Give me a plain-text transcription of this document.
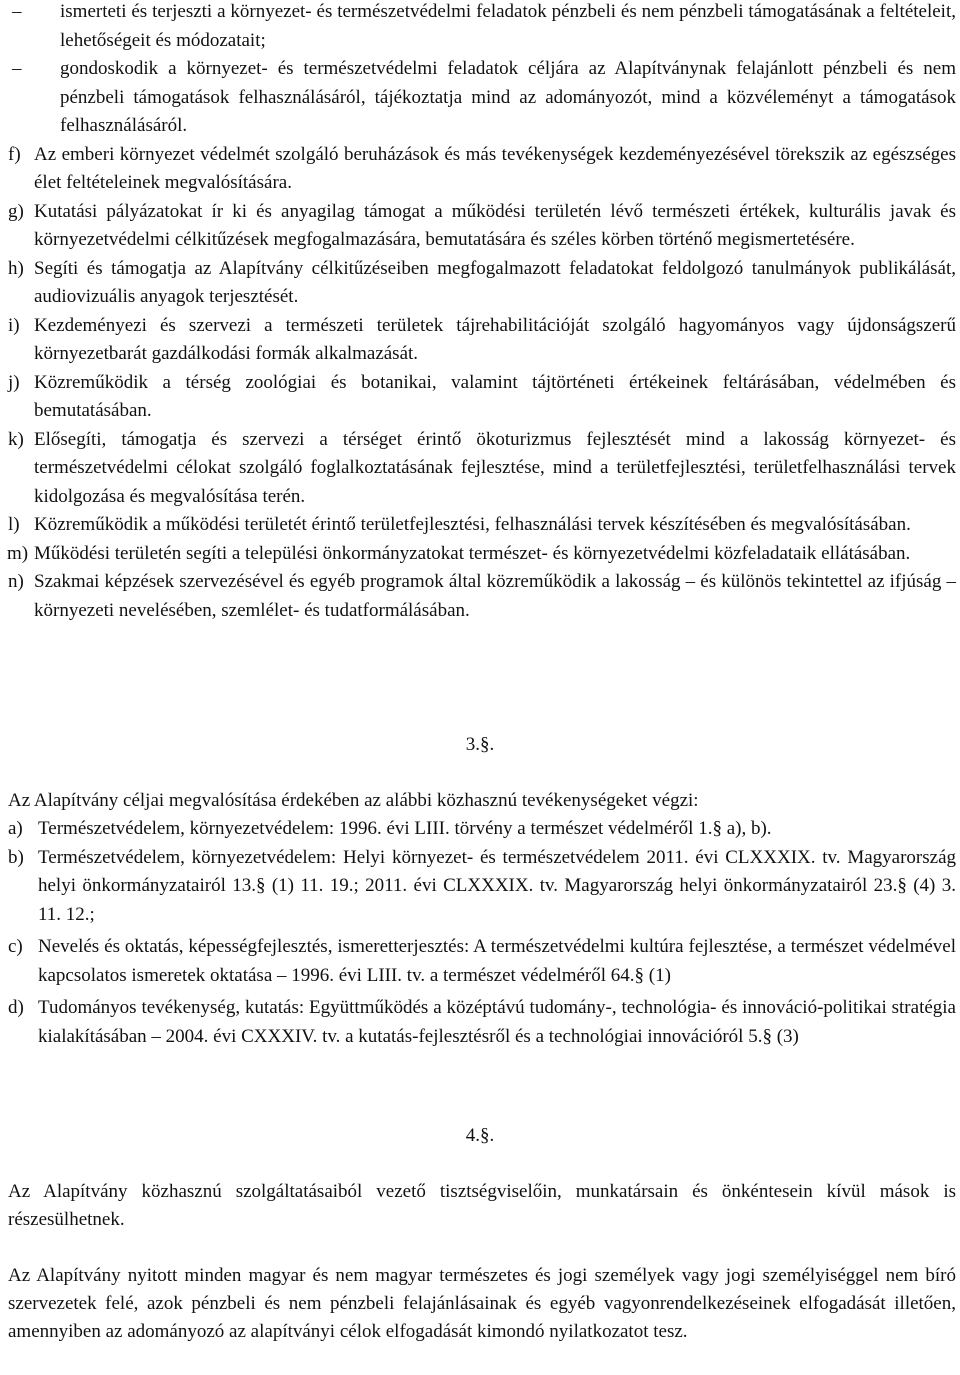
– ismerteti és terjeszti a környezet- és természetvédelmi feladatok pénzbeli és nem pénzbeli támogatásának a feltételeit, lehetőségeit és módozatait;

– gondoskodik a környezet- és természetvédelmi feladatok céljára az Alapítványnak felajánlott pénzbeli és nem pénzbeli támogatások felhasználásáról, tájékoztatja mind az adományozót, mind a közvéleményt a támogatások felhasználásáról.

f) Az emberi környezet védelmét szolgáló beruházások és más tevékenységek kezdeményezésével törekszik az egészséges élet feltételeinek megvalósítására.

g) Kutatási pályázatokat ír ki és anyagilag támogat a működési területén lévő természeti értékek, kulturális javak és környezetvédelmi célkitűzések megfogalmazására, bemutatására és széles körben történő megismertetésére.

h) Segíti és támogatja az Alapítvány célkitűzéseiben megfogalmazott feladatokat feldolgozó tanulmányok publikálását, audiovizuális anyagok terjesztését.

i) Kezdeményezi és szervezi a természeti területek tájrehabilitációját szolgáló hagyományos vagy újdonságszerű környezetbarát gazdálkodási formák alkalmazását.

j) Közreműködik a térség zoológiai és botanikai, valamint tájtörténeti értékeinek feltárásában, védelmében és bemutatásában.

k) Elősegíti, támogatja és szervezi a térséget érintő ökoturizmus fejlesztését mind a lakosság környezet- és természetvédelmi célokat szolgáló foglalkoztatásának fejlesztése, mind a területfejlesztési, területfelhasználási tervek kidolgozása és megvalósítása terén.

l) Közreműködik a működési területét érintő területfejlesztési, felhasználási tervek készítésében és megvalósításában.

m) Működési területén segíti a települési önkormányzatokat természet- és környezetvédelmi közfeladataik ellátásában.

n) Szakmai képzések szervezésével és egyéb programok által közreműködik a lakosság – és különös tekintettel az ifjúság – környezeti nevelésében, szemlélet- és tudatformálásában.

3.§.

Az Alapítvány céljai megvalósítása érdekében az alábbi közhasznú tevékenységeket végzi:

a) Természetvédelem, környezetvédelem: 1996. évi LIII. törvény a természet védelméről 1.§ a), b).

b) Természetvédelem, környezetvédelem: Helyi környezet- és természetvédelem 2011. évi CLXXXIX. tv. Magyarország helyi önkormányzatairól 13.§ (1) 11. 19.; 2011. évi CLXXXIX. tv. Magyarország helyi önkormányzatairól 23.§ (4) 3. 11. 12.;

c) Nevelés és oktatás, képességfejlesztés, ismeretterjesztés: A természetvédelmi kultúra fejlesztése, a természet védelmével kapcsolatos ismeretek oktatása – 1996. évi LIII. tv. a természet védelméről 64.§ (1)

d) Tudományos tevékenység, kutatás: Együttműködés a középtávú tudomány-, technológia- és innováció-politikai stratégia kialakításában – 2004. évi CXXXIV. tv. a kutatás-fejlesztésről és a technológiai innovációról 5.§ (3)

4.§.

Az Alapítvány közhasznú szolgáltatásaiból vezető tisztségviselőin, munkatársain és önkéntesein kívül mások is részesülhetnek.

Az Alapítvány nyitott minden magyar és nem magyar természetes és jogi személyek vagy jogi személyiséggel nem bíró szervezetek felé, azok pénzbeli és nem pénzbeli felajánlásainak és egyéb vagyonrendelkezéseinek elfogadását illetően, amennyiben az adományozó az alapítványi célok elfogadását kimondó nyilatkozatot tesz.
